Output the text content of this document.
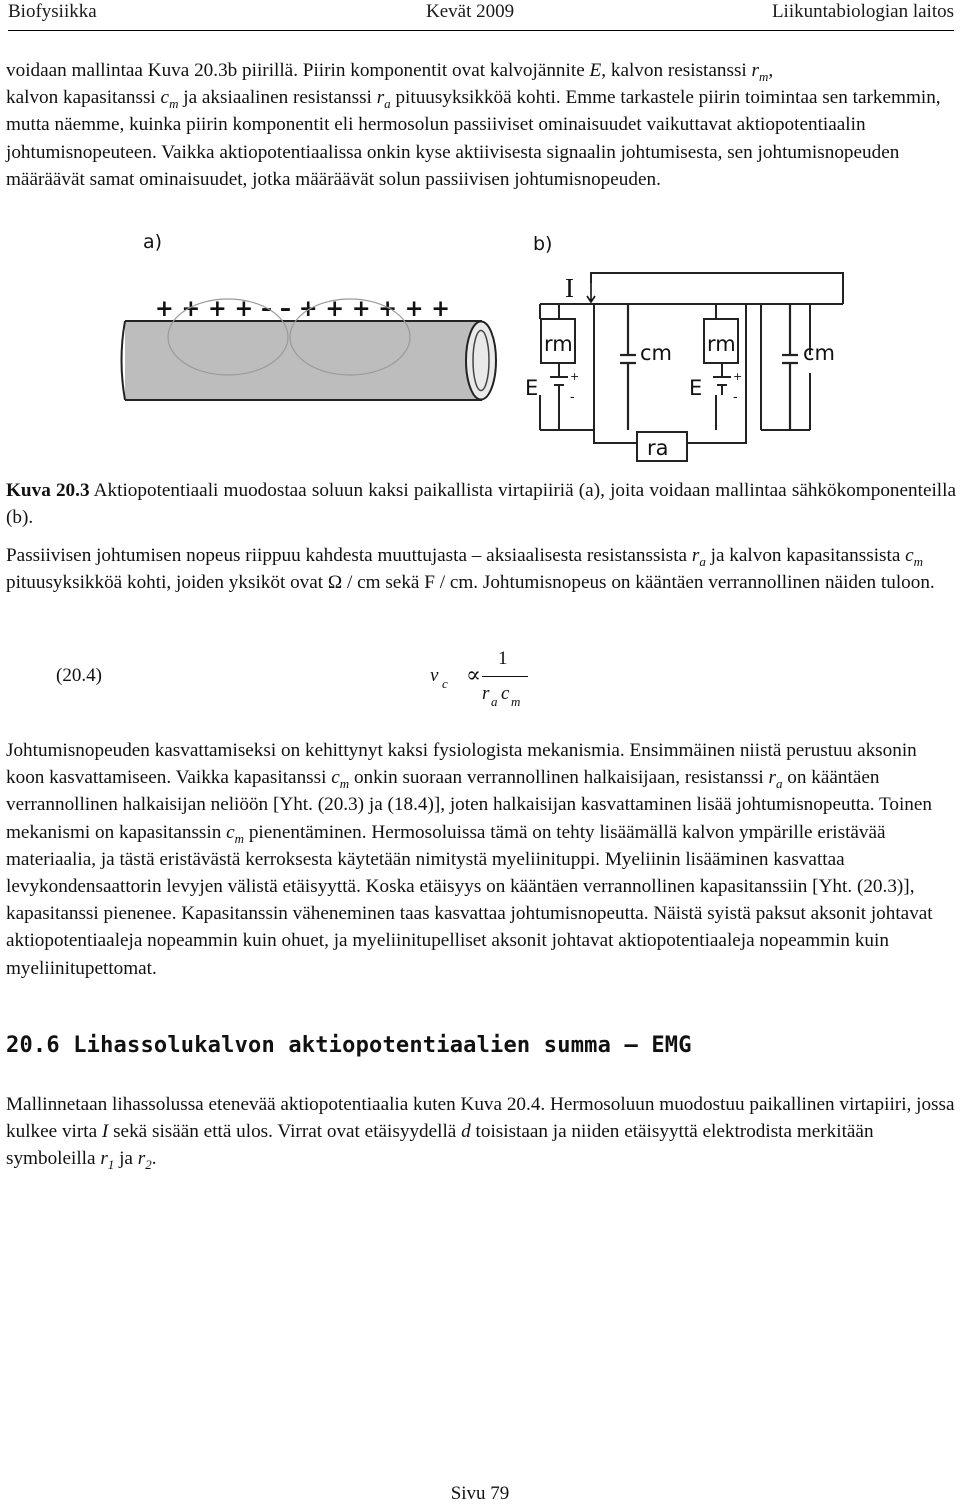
Biofysiikka	Kevät 2009	Liikuntabiologian laitos

voidaan mallintaa Kuva 20.3b piirillä. Piirin komponentit ovat kalvojännite E, kalvon resistanssi $r_m$,
kalvon kapasitanssi $c_m$ ja aksiaalinen resistanssi $r_a$ pituusyksikköä kohti. Emme tarkastele piirin toimintaa sen tarkemmin, mutta näemme, kuinka piirin komponentit eli hermosolun passiiviset ominaisuudet vaikuttavat aktiopotentiaalin johtumisnopeuteen. Vaikka aktiopotentiaalissa onkin kyse aktiivisesta signaalin johtumisesta, sen johtumisnopeuden määräävät samat ominaisuudet, jotka määräävät solun passiivisen johtumisnopeuden.

a)
+ + + + – – + + + + + +
b)
I
rm	cm
E	+
-
rm	cm
E	+
-
ra

Kuva 20.3 Aktiopotentiaali muodostaa soluun kaksi paikallista virtapiiriä (a), joita voidaan mallintaa sähkökomponenteilla (b).

Passiivisen johtumisen nopeus riippuu kahdesta muuttujasta – aksiaalisesta resistanssista $r_a$ ja kalvon kapasitanssista $c_m$ pituusyksikköä kohti, joiden yksiköt ovat Ω / cm sekä F / cm. Johtumisnopeus on kääntäen verrannollinen näiden tuloon.

(20.4)	v c ∝
1
r a c m

Johtumisnopeuden kasvattamiseksi on kehittynyt kaksi fysiologista mekanismia. Ensimmäinen niistä perustuu aksonin koon kasvattamiseen. Vaikka kapasitanssi $c_m$ onkin suoraan verrannollinen halkaisijaan, resistanssi $r_a$ on kääntäen verrannollinen halkaisijan neliöön [Yht. (20.3) ja (18.4)], joten halkaisijan kasvattaminen lisää johtumisnopeutta. Toinen mekanismi on kapasitanssin $c_m$ pienentäminen. Hermosoluissa tämä on tehty lisäämällä kalvon ympärille eristävää materiaalia, ja tästä eristävästä kerroksesta käytetään nimitystä myeliinituppi. Myeliinin lisääminen kasvattaa levykondensaattorin levyjen välistä etäisyyttä. Koska etäisyys on kääntäen verrannollinen kapasitanssiin [Yht. (20.3)], kapasitanssi pienenee. Kapasitanssin väheneminen taas kasvattaa johtumisnopeutta. Näistä syistä paksut aksonit johtavat aktiopotentiaaleja nopeammin kuin ohuet, ja myeliinitupelliset aksonit johtavat aktiopotentiaaleja nopeammin kuin myeliinitupettomat.

20.6 Lihassolukalvon aktiopotentiaalien summa – EMG

Mallinnetaan lihassolussa etenevää aktiopotentiaalia kuten Kuva 20.4. Hermosoluun muodostuu paikallinen virtapiiri, jossa kulkee virta I sekä sisään että ulos. Virrat ovat etäisyydellä d toisistaan ja niiden etäisyyttä elektrodista merkitään symboleilla $r_1$ ja $r_2$.

Sivu 79
